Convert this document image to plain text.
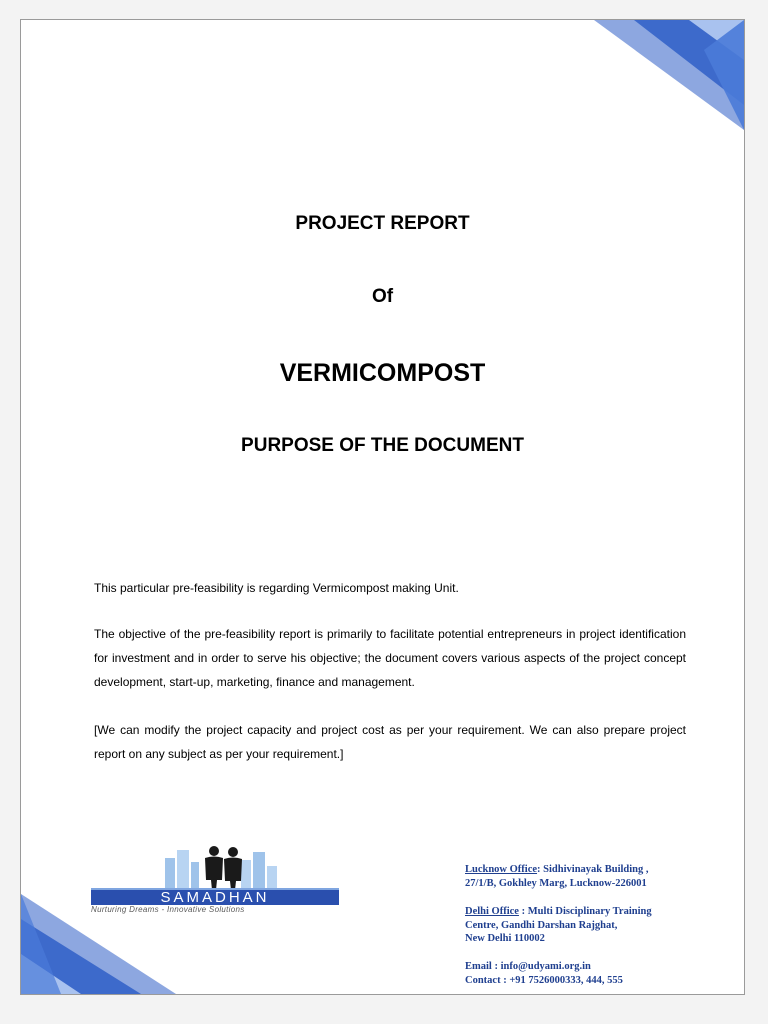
PROJECT REPORT
Of
VERMICOMPOST
PURPOSE OF THE DOCUMENT
This particular pre-feasibility is regarding Vermicompost making Unit.
The objective of the pre-feasibility report is primarily to facilitate potential entrepreneurs in project identification for investment and in order to serve his objective; the document covers various aspects of the project concept development, start-up, marketing, finance and management.
[We can modify the project capacity and project cost as per your requirement. We can also prepare project report on any subject as per your requirement.]
SAMADHAN
Nurturing Dreams - Innovative Solutions
Lucknow Office: Sidhivinayak Building ,
27/1/B, Gokhley Marg, Lucknow-226001
Delhi Office : Multi Disciplinary Training
Centre, Gandhi Darshan Rajghat,
New Delhi 110002
Email : info@udyami.org.in
Contact : +91 7526000333, 444, 555
